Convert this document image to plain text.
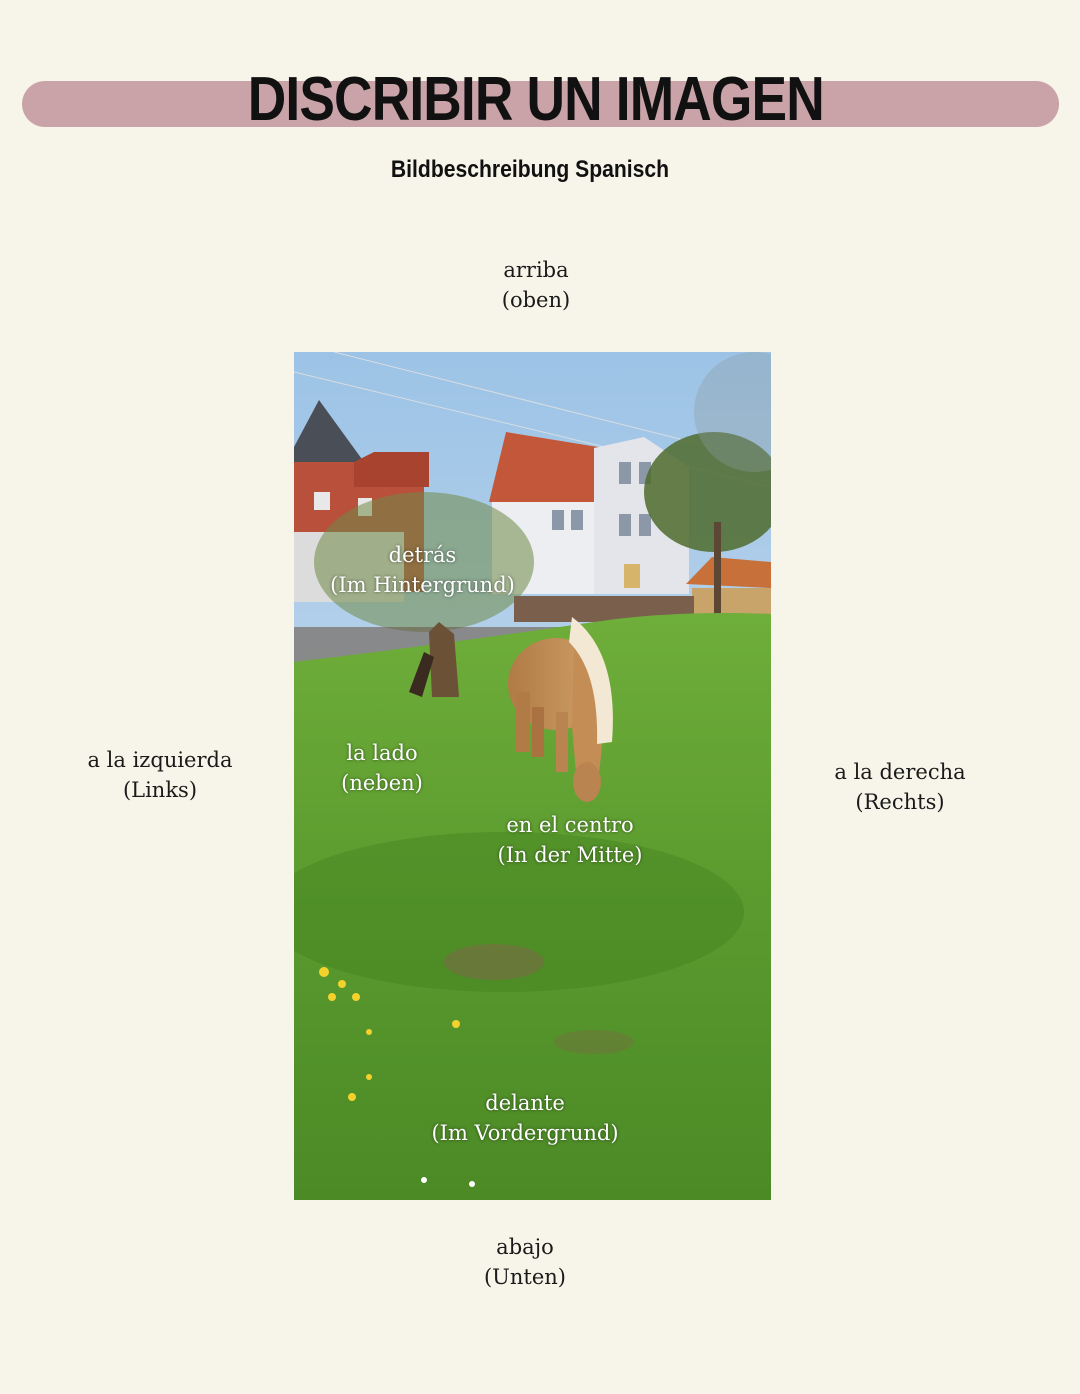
DISCRIBIR UN IMAGEN
Bildbeschreibung Spanisch
arriba
(oben)
a la izquierda
(Links)
a la derecha
(Rechts)
abajo
(Unten)
detrás
(Im Hintergrund)
la lado
(neben)
en el centro
(In der Mitte)
delante
(Im Vordergrund)
